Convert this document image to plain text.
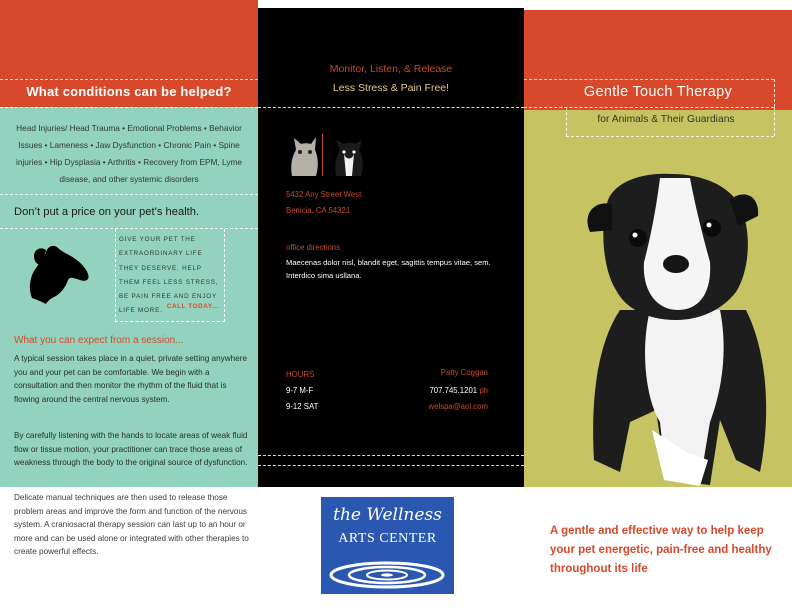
What conditions can be helped?
Head Injuries/ Head Trauma • Emotional Problems • Behavior Issues • Lameness • Jaw Dysfunction • Chronic Pain • Spine injuries • Hip Dysplasia • Arthritis • Recovery from EPM, Lyme disease, and other systemic disorders
Don’t put a price on your pet’s health.
GIVE YOUR PET THE EXTRAORDINARY LIFE THEY DESERVE. HELP THEM FEEL LESS STRESS, BE PAIN FREE AND ENJOY LIFE MORE.
CALL TODAY...
What you can expect from a session...
A typical session takes place in a quiet, private setting anywhere you and your pet can be comfortable. We begin with a consultation and then monitor the rhythm of the fluid that is flowing around the central nervous system.
By carefully listening with the hands to locate areas of weak fluid flow or tissue motion, your practitioner can trace those areas of weakness through the body to the original source of dysfunction.
Delicate manual techniques are then used to release those problem areas and improve the form and function of the nervous system. A craniosacral therapy session can last up to an hour or more and can be used alone or integrated with other therapies to create powerful effects.
Monitor, Listen, & Release
Less Stress & Pain Free!
5432 Any Street West
Benicia, CA 54321
office directions
Maecenas dolor nisl, blandit eget, sagittis tempus vitae, sem. Interdico sima usllana.
HOURS
9-7 M-F
9-12 SAT
Patty Coggan
707.745.1201 ph
welspa@aol.com
the Wellness
ARTS CENTER
Gentle Touch Therapy
for Animals & Their Guardians
A gentle and effective way to help keep your pet energetic, pain-free and healthy throughout its life
